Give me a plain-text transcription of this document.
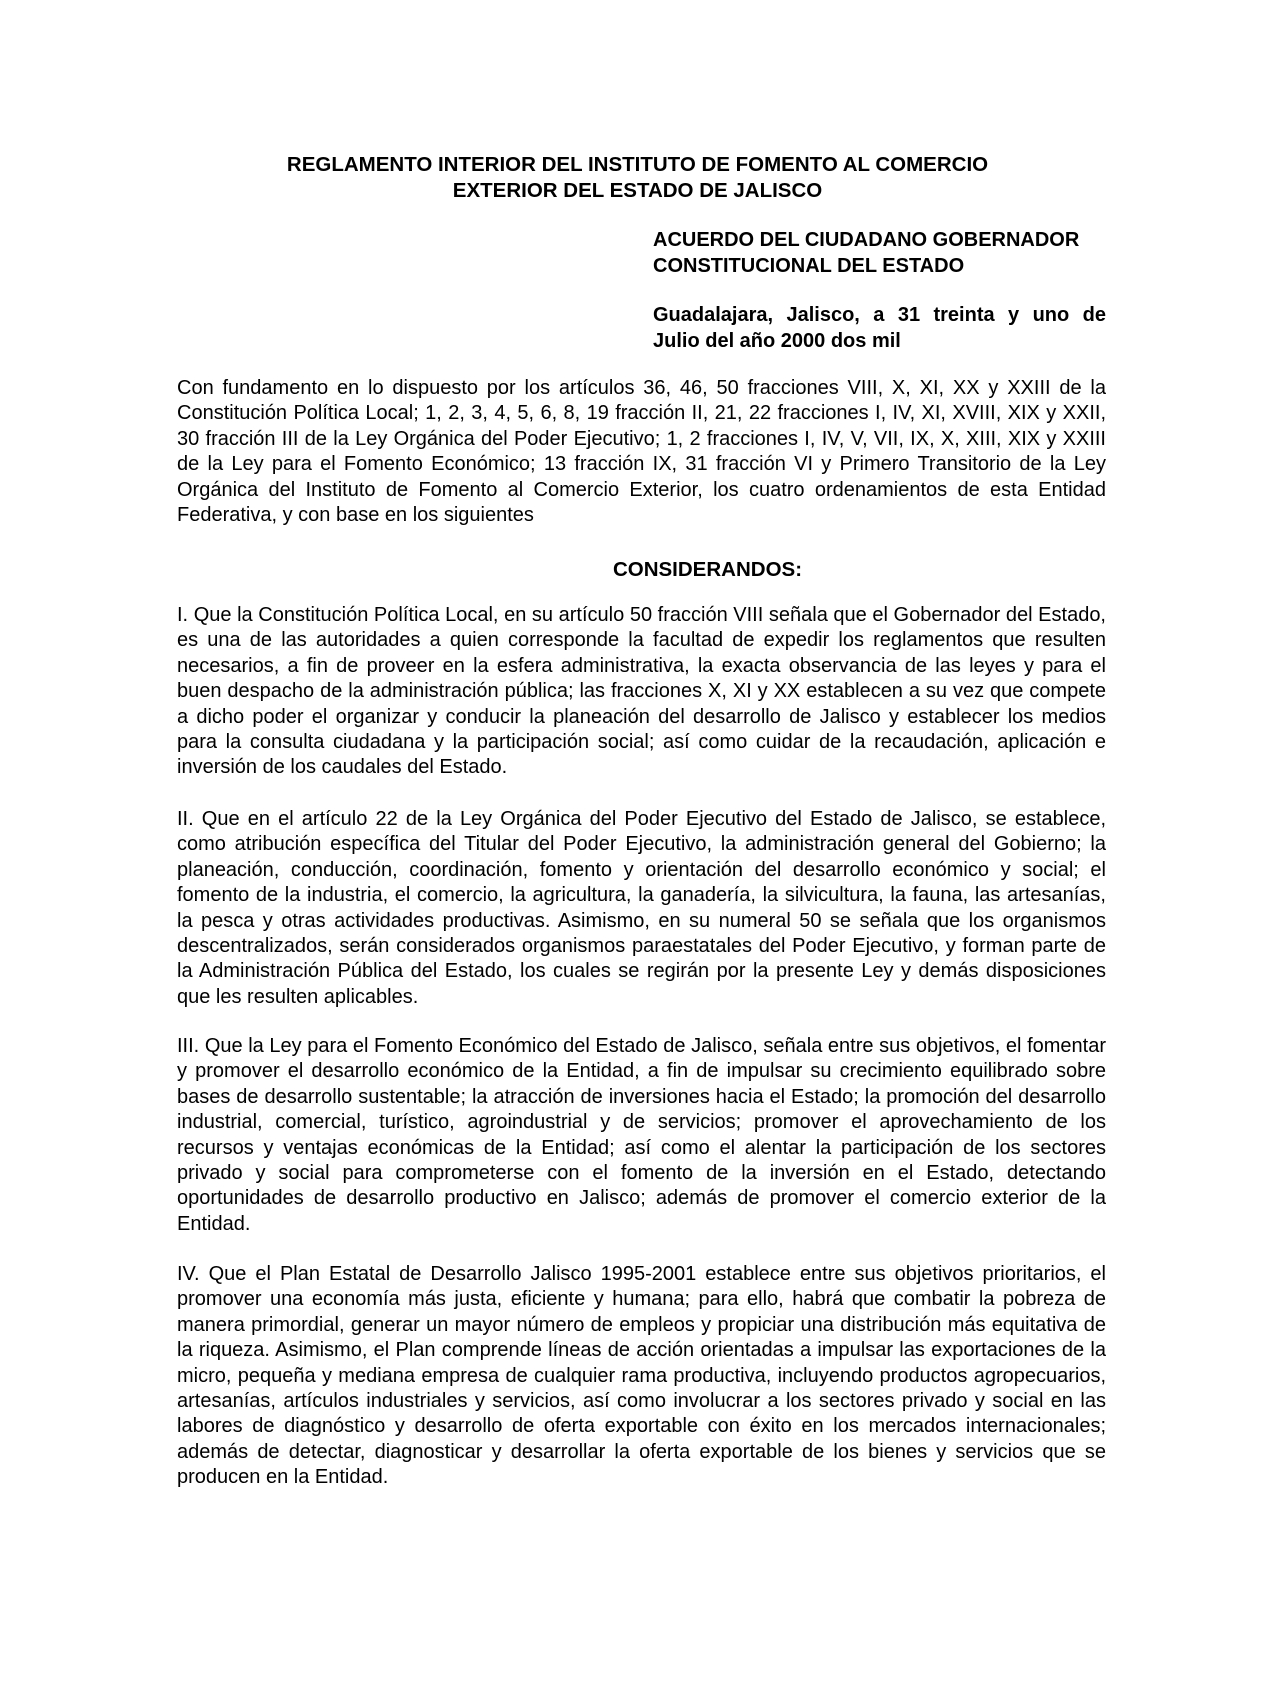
REGLAMENTO INTERIOR DEL INSTITUTO DE FOMENTO AL COMERCIO
EXTERIOR DEL ESTADO DE JALISCO
ACUERDO DEL CIUDADANO GOBERNADOR
CONSTITUCIONAL DEL ESTADO
Guadalajara, Jalisco, a 31 treinta y uno de
Julio del año 2000 dos mil

Con fundamento en lo dispuesto por los artículos 36, 46, 50 fracciones VIII, X, XI, XX y XXIII de la Constitución Política Local; 1, 2, 3, 4, 5, 6, 8, 19 fracción II, 21, 22 fracciones I, IV, XI, XVIII, XIX y XXII, 30 fracción III de la Ley Orgánica del Poder Ejecutivo; 1, 2 fracciones I, IV, V, VII, IX, X, XIII, XIX y XXIII de la Ley para el Fomento Económico; 13 fracción IX, 31 fracción VI y Primero Transitorio de la Ley Orgánica del Instituto de Fomento al Comercio Exterior, los cuatro ordenamientos de esta Entidad Federativa, y con base en los siguientes

CONSIDERANDOS:

I. Que la Constitución Política Local, en su artículo 50 fracción VIII señala que el Gobernador del Estado, es una de las autoridades a quien corresponde la facultad de expedir los reglamentos que resulten necesarios, a fin de proveer en la esfera administrativa, la exacta observancia de las leyes y para el buen despacho de la administración pública; las fracciones X, XI y XX establecen a su vez que compete a dicho poder el organizar y conducir la planeación del desarrollo de Jalisco y establecer los medios para la consulta ciudadana y la participación social; así como cuidar de la recaudación, aplicación e inversión de los caudales del Estado.

II. Que en el artículo 22 de la Ley Orgánica del Poder Ejecutivo del Estado de Jalisco, se establece, como atribución específica del Titular del Poder Ejecutivo, la administración general del Gobierno; la planeación, conducción, coordinación, fomento y orientación del desarrollo económico y social; el fomento de la industria, el comercio, la agricultura, la ganadería, la silvicultura, la fauna, las artesanías, la pesca y otras actividades productivas. Asimismo, en su numeral 50 se señala que los organismos descentralizados, serán considerados organismos paraestatales del Poder Ejecutivo, y forman parte de la Administración Pública del Estado, los cuales se regirán por la presente Ley y demás disposiciones que les resulten aplicables.

III. Que la Ley para el Fomento Económico del Estado de Jalisco, señala entre sus objetivos, el fomentar y promover el desarrollo económico de la Entidad, a fin de impulsar su crecimiento equilibrado sobre bases de desarrollo sustentable; la atracción de inversiones hacia el Estado; la promoción del desarrollo industrial, comercial, turístico, agroindustrial y de servicios; promover el aprovechamiento de los recursos y ventajas económicas de la Entidad; así como el alentar la participación de los sectores privado y social para comprometerse con el fomento de la inversión en el Estado, detectando oportunidades de desarrollo productivo en Jalisco; además de promover el comercio exterior de la Entidad.

IV. Que el Plan Estatal de Desarrollo Jalisco 1995-2001 establece entre sus objetivos prioritarios, el promover una economía más justa, eficiente y humana; para ello, habrá que combatir la pobreza de manera primordial, generar un mayor número de empleos y propiciar una distribución más equitativa de la riqueza. Asimismo, el Plan comprende líneas de acción orientadas a impulsar las exportaciones de la micro, pequeña y mediana empresa de cualquier rama productiva, incluyendo productos agropecuarios, artesanías, artículos industriales y servicios, así como involucrar a los sectores privado y social en las labores de diagnóstico y desarrollo de oferta exportable con éxito en los mercados internacionales; además de detectar, diagnosticar y desarrollar la oferta exportable de los bienes y servicios que se producen en la Entidad.
